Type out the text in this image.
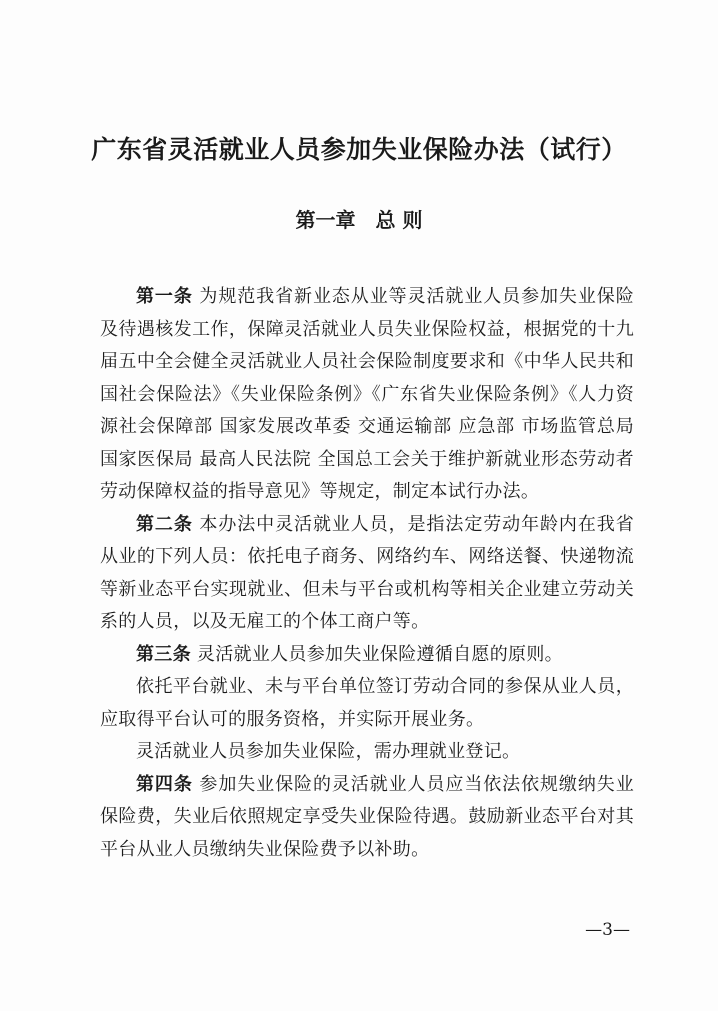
广东省灵活就业人员参加失业保险办法（试行）
第一章　总 则

第一条 为规范我省新业态从业等灵活就业人员参加失业保险及待遇核发工作，保障灵活就业人员失业保险权益，根据党的十九届五中全会健全灵活就业人员社会保险制度要求和《中华人民共和国社会保险法》《失业保险条例》《广东省失业保险条例》《人力资源社会保障部 国家发展改革委 交通运输部 应急部 市场监管总局 国家医保局 最高人民法院 全国总工会关于维护新就业形态劳动者劳动保障权益的指导意见》等规定，制定本试行办法。

第二条 本办法中灵活就业人员，是指法定劳动年龄内在我省从业的下列人员：依托电子商务、网络约车、网络送餐、快递物流等新业态平台实现就业、但未与平台或机构等相关企业建立劳动关系的人员，以及无雇工的个体工商户等。

第三条 灵活就业人员参加失业保险遵循自愿的原则。

依托平台就业、未与平台单位签订劳动合同的参保从业人员，应取得平台认可的服务资格，并实际开展业务。

灵活就业人员参加失业保险，需办理就业登记。

第四条 参加失业保险的灵活就业人员应当依法依规缴纳失业保险费，失业后依照规定享受失业保险待遇。鼓励新业态平台对其平台从业人员缴纳失业保险费予以补助。

—3—
